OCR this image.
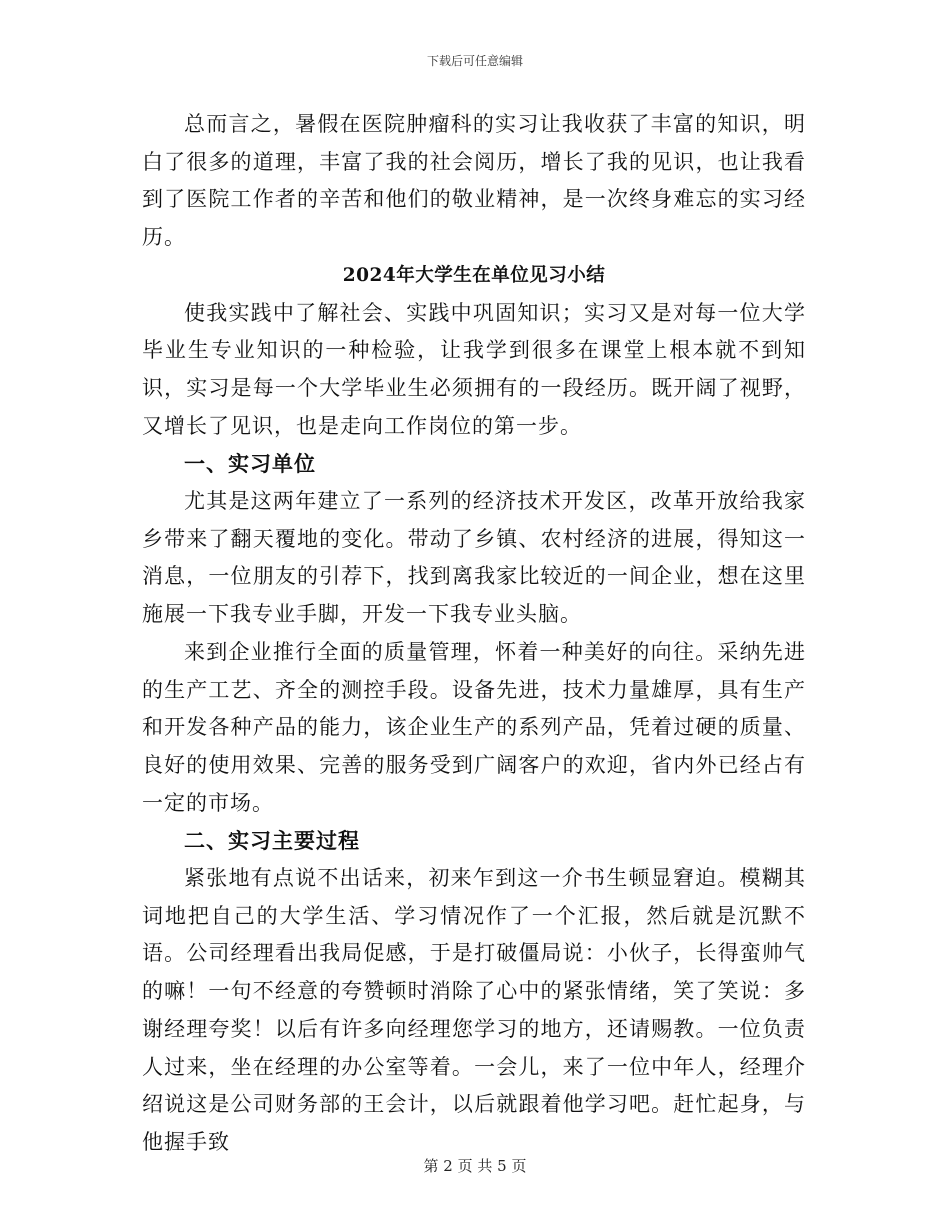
下载后可任意编辑

总而言之，暑假在医院肿瘤科的实习让我收获了丰富的知识，明白了很多的道理，丰富了我的社会阅历，增长了我的见识，也让我看到了医院工作者的辛苦和他们的敬业精神，是一次终身难忘的实习经历。

2024年大学生在单位见习小结

使我实践中了解社会、实践中巩固知识；实习又是对每一位大学毕业生专业知识的一种检验，让我学到很多在课堂上根本就不到知识，实习是每一个大学毕业生必须拥有的一段经历。既开阔了视野，又增长了见识，也是走向工作岗位的第一步。

一、实习单位

尤其是这两年建立了一系列的经济技术开发区，改革开放给我家乡带来了翻天覆地的变化。带动了乡镇、农村经济的进展，得知这一消息，一位朋友的引荐下，找到离我家比较近的一间企业，想在这里施展一下我专业手脚，开发一下我专业头脑。

来到企业推行全面的质量管理，怀着一种美好的向往。采纳先进的生产工艺、齐全的测控手段。设备先进，技术力量雄厚，具有生产和开发各种产品的能力，该企业生产的系列产品，凭着过硬的质量、良好的使用效果、完善的服务受到广阔客户的欢迎，省内外已经占有一定的市场。

二、实习主要过程

紧张地有点说不出话来，初来乍到这一介书生顿显窘迫。模糊其词地把自己的大学生活、学习情况作了一个汇报，然后就是沉默不语。公司经理看出我局促感，于是打破僵局说：小伙子，长得蛮帅气的嘛！一句不经意的夸赞顿时消除了心中的紧张情绪，笑了笑说：多谢经理夸奖！以后有许多向经理您学习的地方，还请赐教。一位负责人过来，坐在经理的办公室等着。一会儿，来了一位中年人，经理介绍说这是公司财务部的王会计，以后就跟着他学习吧。赶忙起身，与他握手致

第 2 页 共 5 页
